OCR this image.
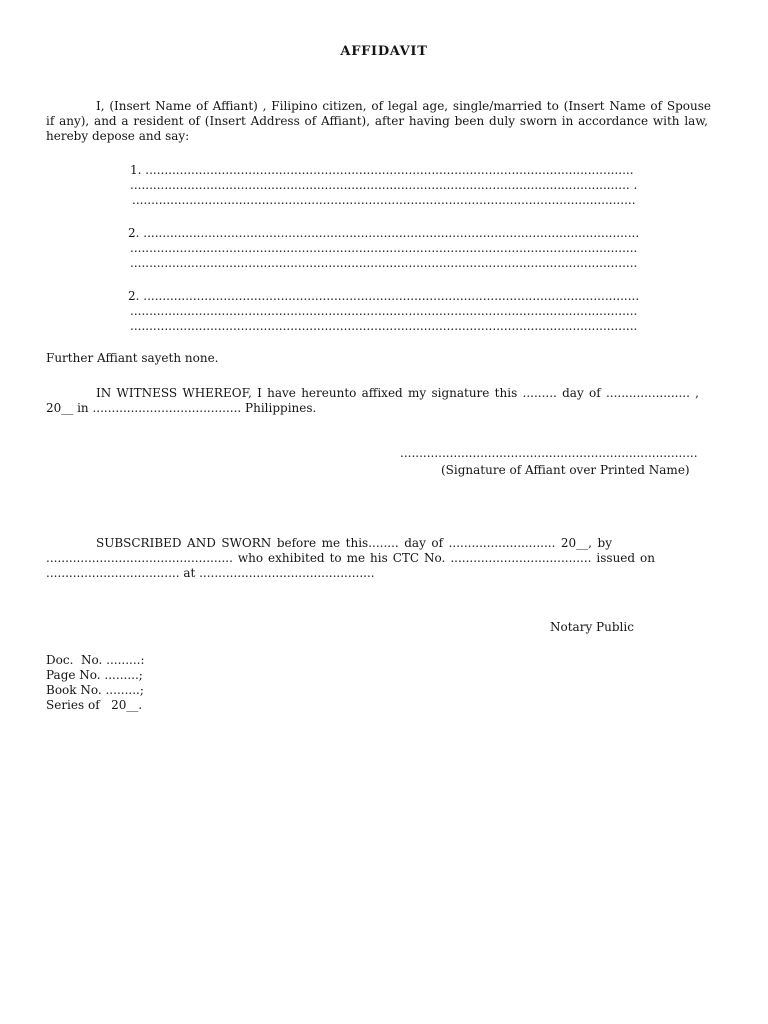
AFFIDAVIT
I, (Insert Name of Affiant) , Filipino citizen, of legal age, single/married to (Insert Name of Spouse
if any), and a resident of (Insert Address of Affiant), after having been duly sworn in accordance with law,
hereby depose and say:
1. ................................................................................................................................
................................................................................................................................... .
....................................................................................................................................
2. ..................................................................................................................................
.....................................................................................................................................
.....................................................................................................................................
2. ..................................................................................................................................
.....................................................................................................................................
.....................................................................................................................................
Further Affiant sayeth none.
IN WITNESS WHEREOF, I have hereunto affixed my signature this ......... day of ...................... ,
20__ in ....................................... Philippines.
..............................................................................
(Signature of Affiant over Printed Name)
SUBSCRIBED AND SWORN before me this........ day of ............................ 20__, by
................................................. who exhibited to me his CTC No. ..................................... issued on
................................... at ..............................................
Notary Public
Doc.  No. .........:
Page No. .........;
Book No. .........;
Series of   20__.
